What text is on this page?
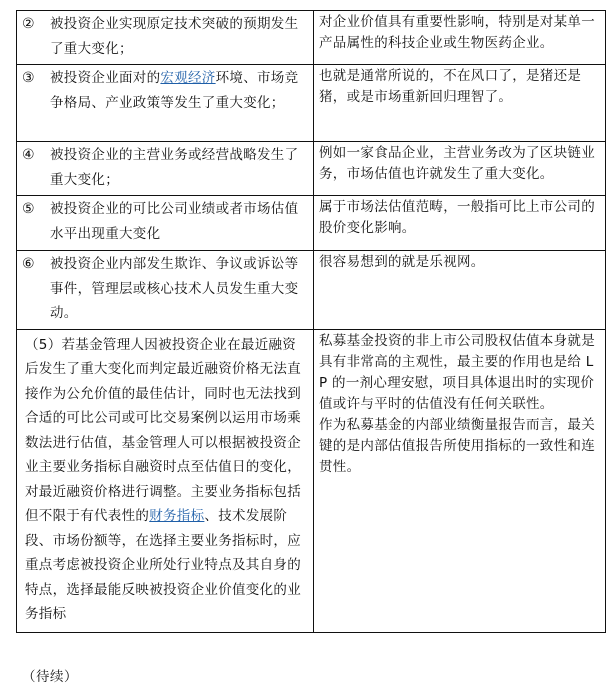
② 被投资企业实现原定技术突破的预期发生了重大变化；	对企业价值具有重要性影响，特别是对某单一产品属性的科技企业或生物医药企业。

③ 被投资企业面对的宏观经济环境、市场竞争格局、产业政策等发生了重大变化；	也就是通常所说的，不在风口了，是猪还是猪，或是市场重新回归理智了。

④ 被投资企业的主营业务或经营战略发生了重大变化；	例如一家食品企业，主营业务改为了区块链业务，市场估值也许就发生了重大变化。

⑤ 被投资企业的可比公司业绩或者市场估值水平出现重大变化	属于市场法估值范畴，一般指可比上市公司的股价变化影响。

⑥ 被投资企业内部发生欺诈、争议或诉讼等事件，管理层或核心技术人员发生重大变动。	很容易想到的就是乐视网。

（5）若基金管理人因被投资企业在最近融资后发生了重大变化而判定最近融资价格无法直接作为公允价值的最佳估计，同时也无法找到合适的可比公司或可比交易案例以运用市场乘数法进行估值，基金管理人可以根据被投资企业主要业务指标自融资时点至估值日的变化，对最近融资价格进行调整。主要业务指标包括但不限于有代表性的财务指标、技术发展阶段、市场份额等，在选择主要业务指标时，应重点考虑被投资企业所处行业特点及其自身的特点，选择最能反映被投资企业价值变化的业务指标	私募基金投资的非上市公司股权估值本身就是具有非常高的主观性，最主要的作用也是给 LP 的一剂心理安慰，项目具体退出时的实现价值或许与平时的估值没有任何关联性。
作为私募基金的内部业绩衡量报告而言，最关键的是内部估值报告所使用指标的一致性和连贯性。
（待续）
